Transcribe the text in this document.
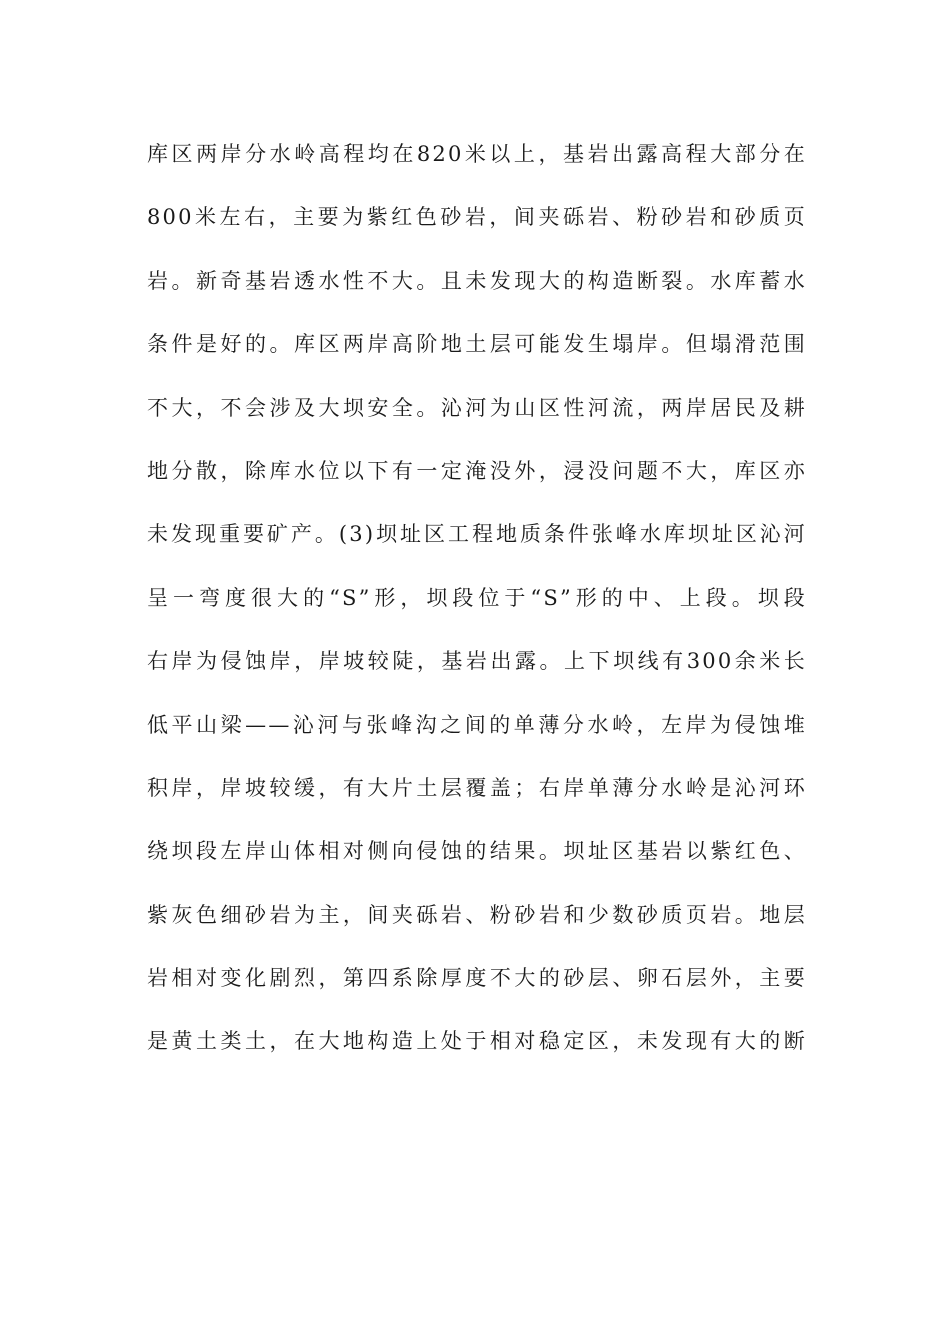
库区两岸分水岭高程均在820米以上，基岩出露高程大部分在
800米左右，主要为紫红色砂岩，间夹砾岩、粉砂岩和砂质页
岩。新奇基岩透水性不大。且未发现大的构造断裂。水库蓄水
条件是好的。库区两岸高阶地土层可能发生塌岸。但塌滑范围
不大，不会涉及大坝安全。沁河为山区性河流，两岸居民及耕
地分散，除库水位以下有一定淹没外，浸没问题不大，库区亦
未发现重要矿产。(3)坝址区工程地质条件张峰水库坝址区沁河
呈一弯度很大的“S”形，坝段位于“S”形的中、上段。坝段
右岸为侵蚀岸，岸坡较陡，基岩出露。上下坝线有300余米长
低平山梁——沁河与张峰沟之间的单薄分水岭，左岸为侵蚀堆
积岸，岸坡较缓，有大片土层覆盖；右岸单薄分水岭是沁河环
绕坝段左岸山体相对侧向侵蚀的结果。坝址区基岩以紫红色、
紫灰色细砂岩为主，间夹砾岩、粉砂岩和少数砂质页岩。地层
岩相对变化剧烈，第四系除厚度不大的砂层、卵石层外，主要
是黄土类土，在大地构造上处于相对稳定区，未发现有大的断
